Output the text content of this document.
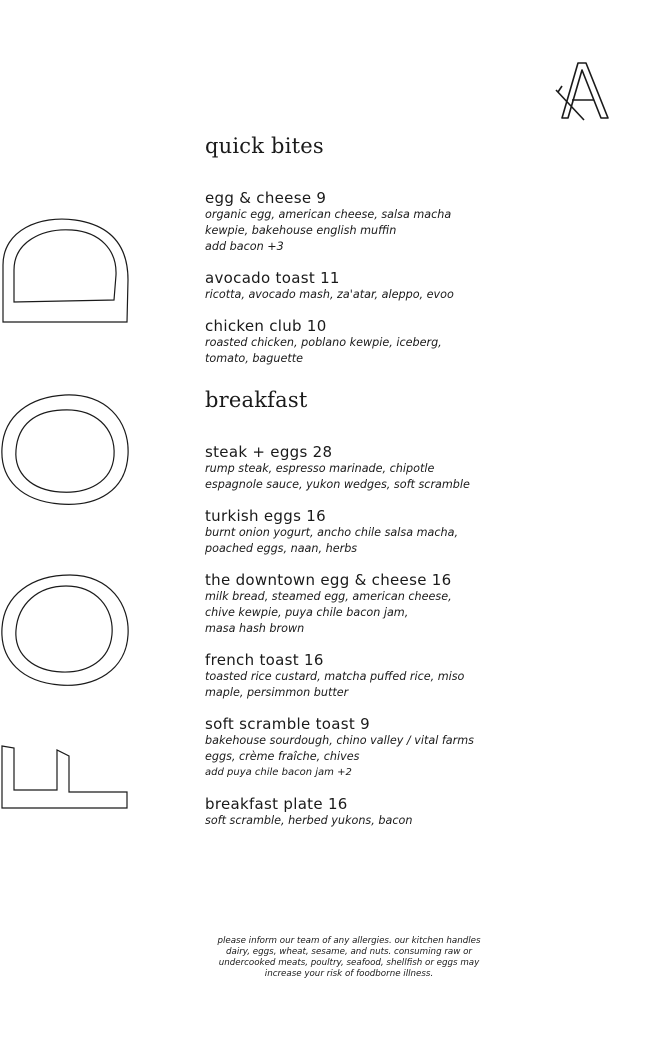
quick bites
egg & cheese 9
organic egg, american cheese, salsa macha
kewpie, bakehouse english muffin
add bacon +3
avocado toast 11
ricotta, avocado mash, za'atar, aleppo, evoo
chicken club 10
roasted chicken, poblano kewpie, iceberg,
tomato, baguette
breakfast
steak + eggs 28
rump steak, espresso marinade, chipotle
espagnole sauce, yukon wedges, soft scramble
turkish eggs 16
burnt onion yogurt, ancho chile salsa macha,
poached eggs, naan, herbs
the downtown egg & cheese 16
milk bread, steamed egg, american cheese,
chive kewpie, puya chile bacon jam,
masa hash brown
french toast 16
toasted rice custard, matcha puffed rice, miso
maple, persimmon butter
soft scramble toast 9
bakehouse sourdough, chino valley / vital farms
eggs, crème fraîche, chives
add puya chile bacon jam +2
breakfast plate 16
soft scramble, herbed yukons, bacon
please inform our team of any allergies. our kitchen handles
dairy, eggs, wheat, sesame, and nuts. consuming raw or
undercooked meats, poultry, seafood, shellfish or eggs may
increase your risk of foodborne illness.
